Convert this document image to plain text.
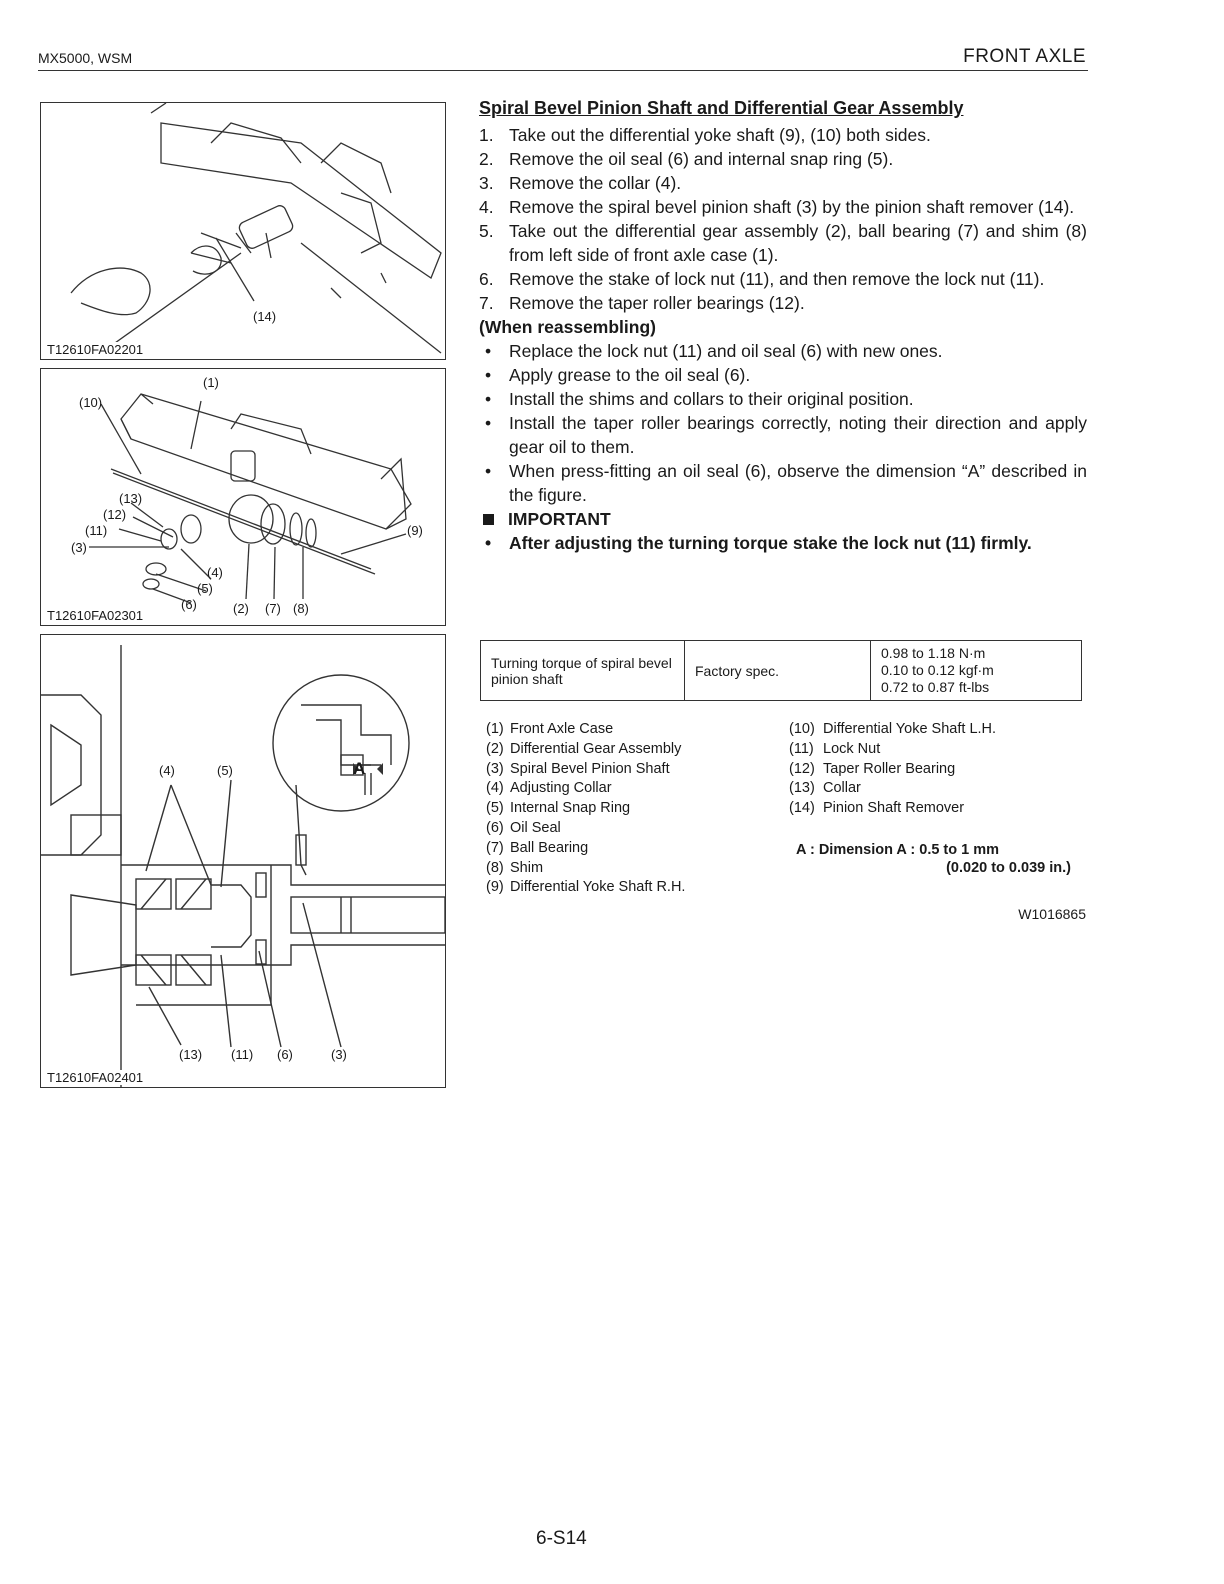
MX5000, WSM	FRONT AXLE
(14)
T12610FA02201
(1)
(10)
(13)
(12)
(11)
(3)
(4)
(5)
(6)	(2) (7) (8)
(9)
T12610FA02301
(4)	(5)	A
(13) (11) (6)	(3)
T12610FA02401
Spiral Bevel Pinion Shaft and Differential Gear Assembly
1. Take out the differential yoke shaft (9), (10) both sides.
2. Remove the oil seal (6) and internal snap ring (5).
3. Remove the collar (4).
4. Remove the spiral bevel pinion shaft (3) by the pinion shaft remover (14).
5. Take out the differential gear assembly (2), ball bearing (7) and shim (8) from left side of front axle case (1).
6. Remove the stake of lock nut (11), and then remove the lock nut (11).
7. Remove the taper roller bearings (12).
(When reassembling)
•	Replace the lock nut (11) and oil seal (6) with new ones.
•	Apply grease to the oil seal (6).
•	Install the shims and collars to their original position.
•	Install the taper roller bearings correctly, noting their direction and apply gear oil to them.
•	When press-fitting an oil seal (6), observe the dimension “A” described in the figure.
IMPORTANT
•	After adjusting the turning torque stake the lock nut (11) firmly.
Turning torque of spiral bevel pinion shaft	Factory spec.	
0.98 to 1.18 N·m
0.10 to 0.12 kgf·m
0.72 to 0.87 ft-lbs
(1) Front Axle Case
(2) Differential Gear Assembly
(3) Spiral Bevel Pinion Shaft
(4) Adjusting Collar
(5) Internal Snap Ring
(6) Oil Seal
(7) Ball Bearing
(8) Shim
(9) Differential Yoke Shaft R.H.
(10) Differential Yoke Shaft L.H.
(11) Lock Nut
(12) Taper Roller Bearing
(13) Collar
(14) Pinion Shaft Remover
A : Dimension A : 0.5 to 1 mm
(0.020 to 0.039 in.)
W1016865
6-S14
